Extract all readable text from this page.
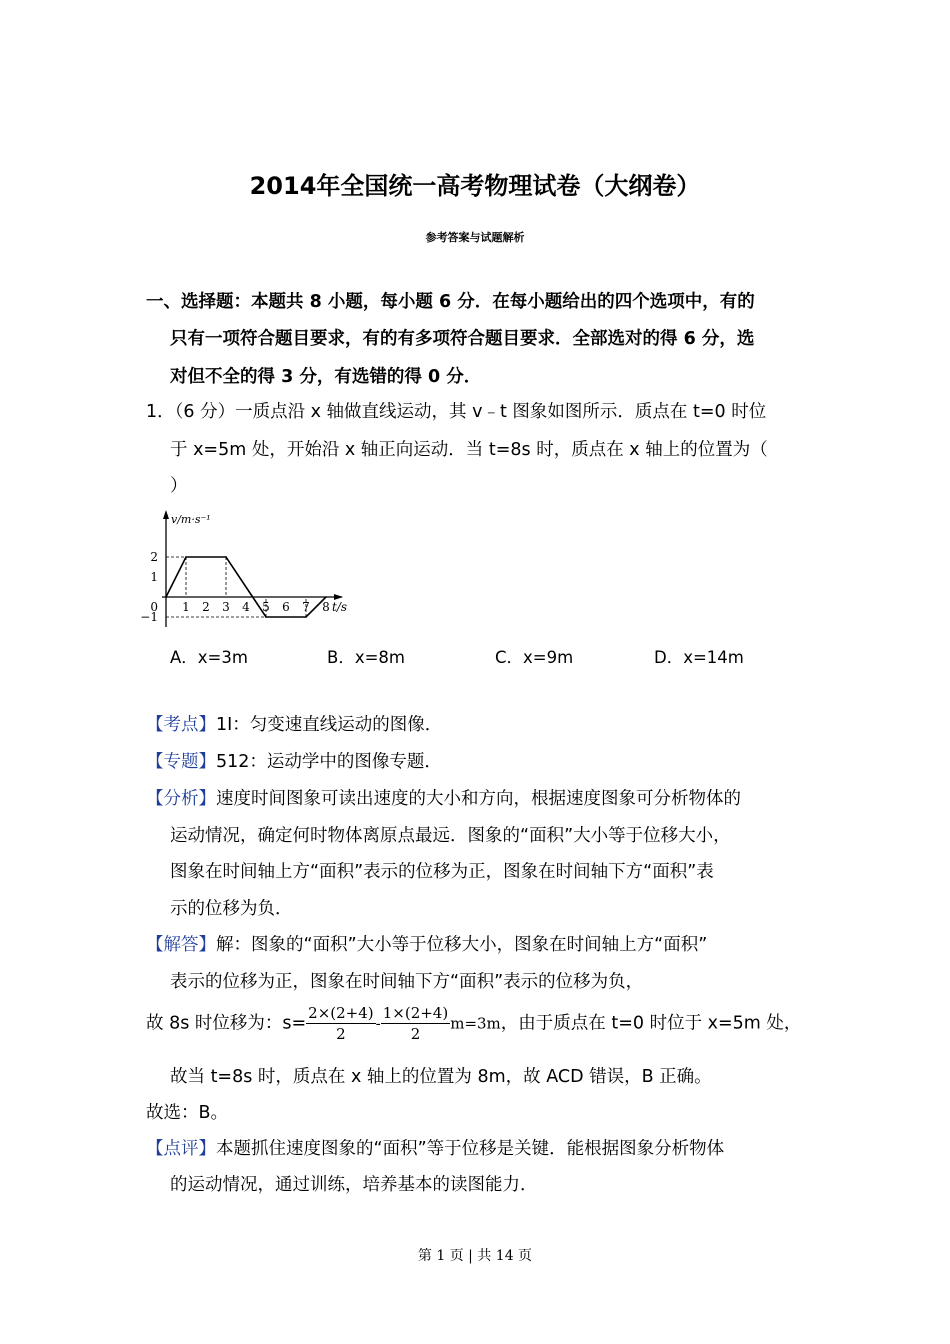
2014年全国统一高考物理试卷（大纲卷）
参考答案与试题解析
一、选择题：本题共 8 小题，每小题 6 分．在每小题给出的四个选项中，有的
只有一项符合题目要求，有的有多项符合题目要求．全部选对的得 6 分，选
对但不全的得 3 分，有选错的得 0 分．
1．（6 分）一质点沿 x 轴做直线运动，其 v﹣t 图象如图所示．质点在 t=0 时位
于 x=5m 处，开始沿 x 轴正向运动．当 t=8s 时，质点在 x 轴上的位置为（
）
1 2 3 4 5 6 7 8
0
2
1
−1
v/m·s⁻¹
t/s
A．x=3m	B．x=8m	C．x=9m	D．x=14m
【考点】1I：匀变速直线运动的图像．
【专题】512：运动学中的图像专题．
【分析】速度时间图象可读出速度的大小和方向，根据速度图象可分析物体的
运动情况，确定何时物体离原点最远．图象的“面积”大小等于位移大小，
图象在时间轴上方“面积”表示的位移为正，图象在时间轴下方“面积”表
示的位移为负．
【解答】解：图象的“面积”大小等于位移大小，图象在时间轴上方“面积”
表示的位移为正，图象在时间轴下方“面积”表示的位移为负，
故 8s 时位移为：$s= \frac{2\times(2+4)}{2} - \frac{1\times(2+4)}{2} m=3m$，由于质点在 t=0 时位于 x=5m 处，
故当 t=8s 时，质点在 x 轴上的位置为 8m，故 ACD 错误，B 正确。
故选：B。
【点评】本题抓住速度图象的“面积”等于位移是关键．能根据图象分析物体
的运动情况，通过训练，培养基本的读图能力．
第 1 页 | 共 14 页
